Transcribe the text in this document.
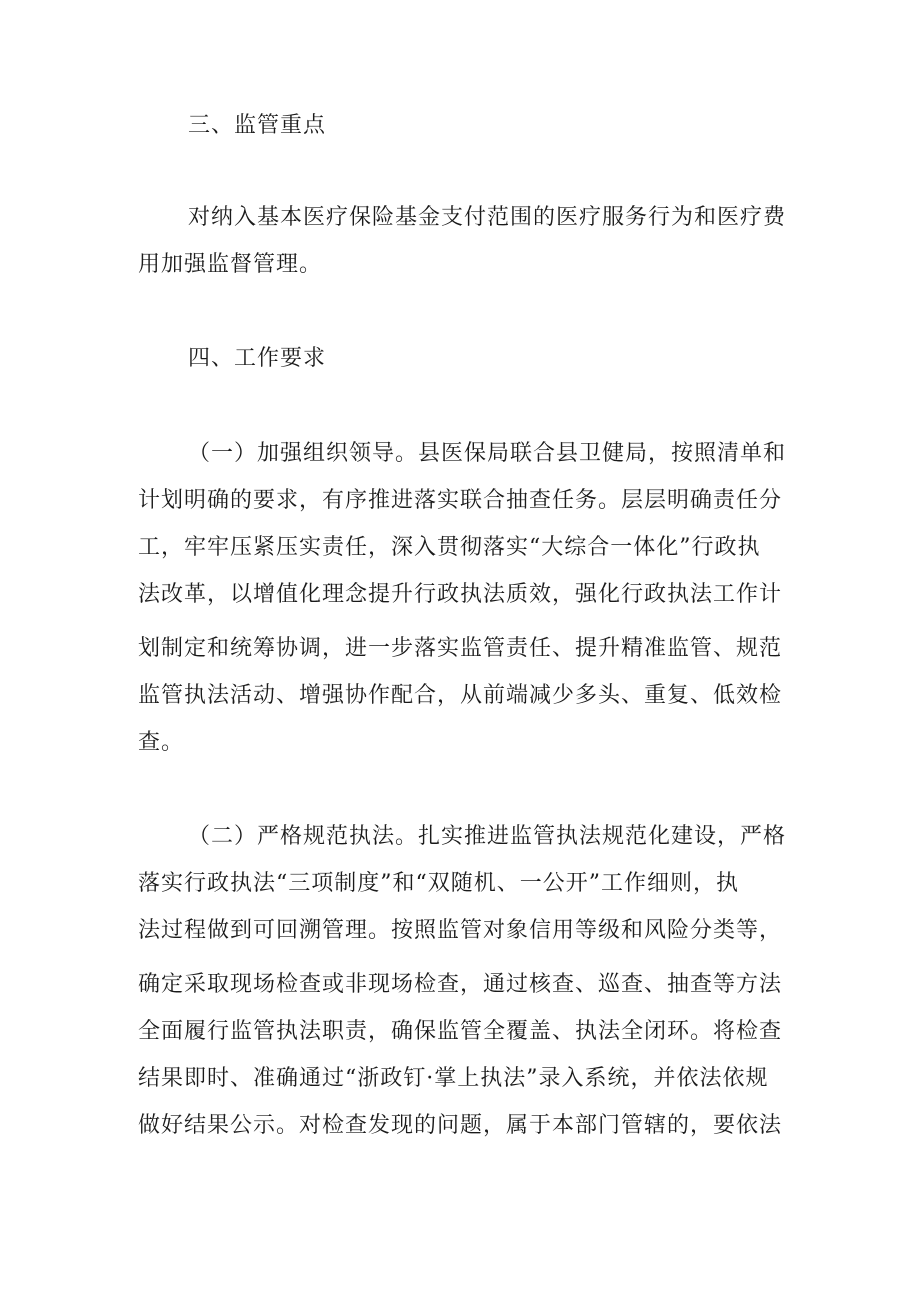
三、监管重点
对纳入基本医疗保险基金支付范围的医疗服务行为和医疗费
用加强监督管理。
四、工作要求
（一）加强组织领导。县医保局联合县卫健局，按照清单和
计划明确的要求，有序推进落实联合抽查任务。层层明确责任分
工，牢牢压紧压实责任，深入贯彻落实“大综合一体化”行政执
法改革，以增值化理念提升行政执法质效，强化行政执法工作计
划制定和统筹协调，进一步落实监管责任、提升精准监管、规范
监管执法活动、增强协作配合，从前端减少多头、重复、低效检
查。
（二）严格规范执法。扎实推进监管执法规范化建设，严格
落实行政执法“三项制度”和“双随机、一公开”工作细则，执
法过程做到可回溯管理。按照监管对象信用等级和风险分类等，
确定采取现场检查或非现场检查，通过核查、巡查、抽查等方法
全面履行监管执法职责，确保监管全覆盖、执法全闭环。将检查
结果即时、准确通过“浙政钉·掌上执法”录入系统，并依法依规
做好结果公示。对检查发现的问题，属于本部门管辖的，要依法
